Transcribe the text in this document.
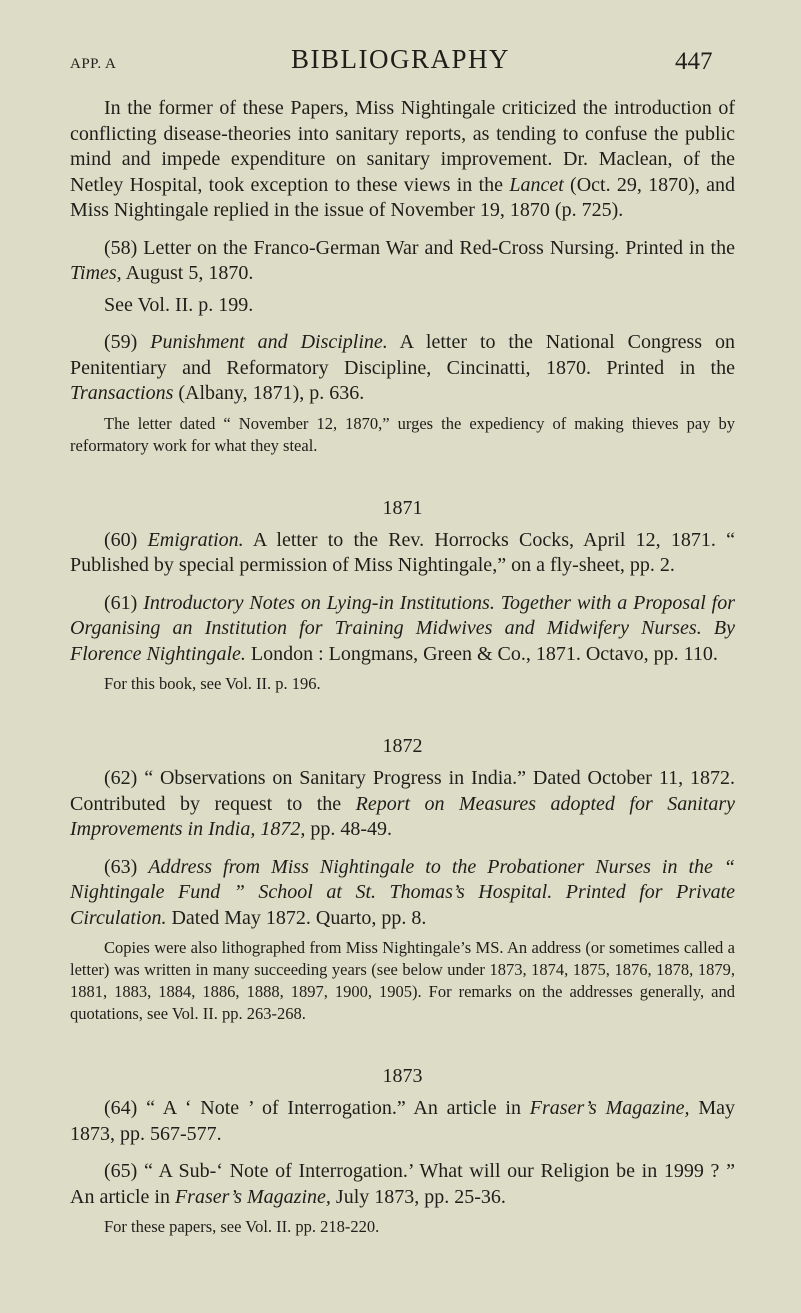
APP. A	BIBLIOGRAPHY	447

In the former of these Papers, Miss Nightingale criticized the introduction of conflicting disease-theories into sanitary reports, as tending to confuse the public mind and impede expenditure on sanitary improvement. Dr. Maclean, of the Netley Hospital, took exception to these views in the Lancet (Oct. 29, 1870), and Miss Nightingale replied in the issue of November 19, 1870 (p. 725).

(58) Letter on the Franco-German War and Red-Cross Nursing. Printed in the Times, August 5, 1870.

See Vol. II. p. 199.

(59) Punishment and Discipline. A letter to the National Congress on Penitentiary and Reformatory Discipline, Cincinatti, 1870. Printed in the Transactions (Albany, 1871), p. 636.

The letter dated “ November 12, 1870,” urges the expediency of making thieves pay by reformatory work for what they steal.

1871

(60) Emigration. A letter to the Rev. Horrocks Cocks, April 12, 1871. “ Published by special permission of Miss Nightingale,” on a fly-sheet, pp. 2.

(61) Introductory Notes on Lying-in Institutions. Together with a Proposal for Organising an Institution for Training Midwives and Midwifery Nurses. By Florence Nightingale. London : Longmans, Green & Co., 1871. Octavo, pp. 110.

For this book, see Vol. II. p. 196.

1872

(62) “ Observations on Sanitary Progress in India.” Dated October 11, 1872. Contributed by request to the Report on Measures adopted for Sanitary Improvements in India, 1872, pp. 48-49.

(63) Address from Miss Nightingale to the Probationer Nurses in the “ Nightingale Fund ” School at St. Thomas’s Hospital. Printed for Private Circulation. Dated May 1872. Quarto, pp. 8.

Copies were also lithographed from Miss Nightingale’s MS. An address (or sometimes called a letter) was written in many succeeding years (see below under 1873, 1874, 1875, 1876, 1878, 1879, 1881, 1883, 1884, 1886, 1888, 1897, 1900, 1905). For remarks on the addresses generally, and quotations, see Vol. II. pp. 263-268.

1873

(64) “ A ‘ Note ’ of Interrogation.” An article in Fraser’s Magazine, May 1873, pp. 567-577.

(65) “ A Sub-‘ Note of Interrogation.’ What will our Religion be in 1999 ? ” An article in Fraser’s Magazine, July 1873, pp. 25-36.

For these papers, see Vol. II. pp. 218-220.
